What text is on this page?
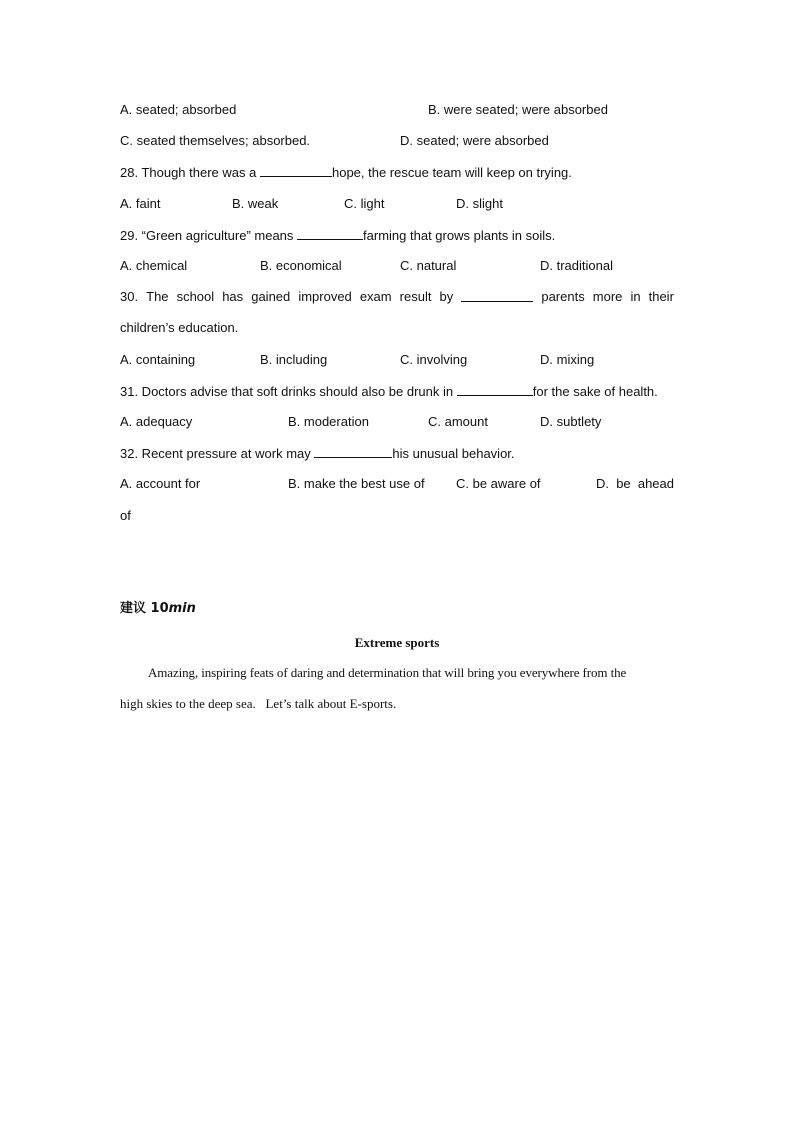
A. seated; absorbed	B. were seated; were absorbed
C. seated themselves; absorbed.	D. seated; were absorbed
28. Though there was a	hope, the rescue team will keep on trying.
A. faint	B. weak	C. light	D. slight
29. “Green agriculture” means	farming that grows plants in soils.
A. chemical	B. economical	C. natural	D. traditional
30. The school has gained improved exam result by	parents more in their
children’s education.
A. containing	B. including	C. involving	D. mixing
31. Doctors advise that soft drinks should also be drunk in	for the sake of health.
A. adequacy	B. moderation	C. amount	D. subtlety
32. Recent pressure at work may	his unusual behavior.
A. account for	B. make the best use of C. be aware of	D. be ahead
of
建议 10min
Extreme sports
Amazing, inspiring feats of daring and determination that will bring you everywhere from the
high skies to the deep sea.   Let’s talk about E-sports.
